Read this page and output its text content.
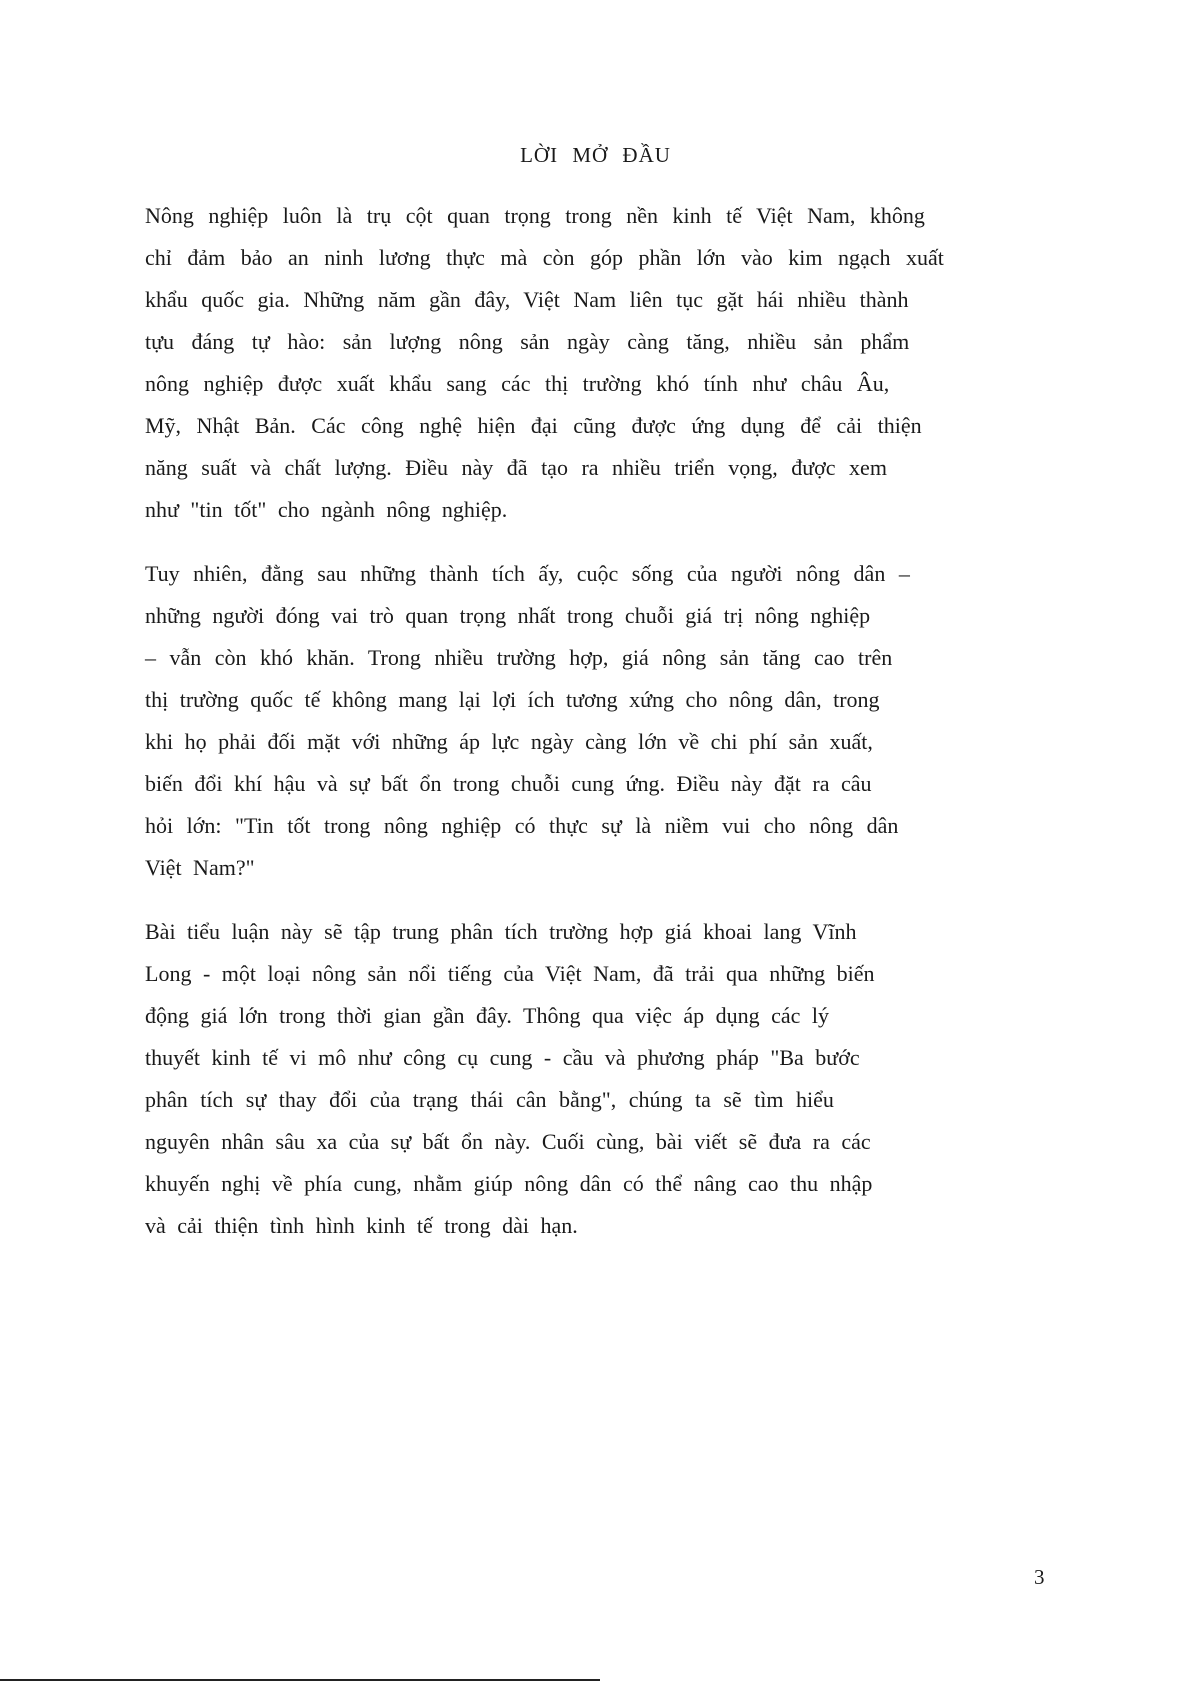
LỜI MỞ ĐẦU
Nông nghiệp luôn là trụ cột quan trọng trong nền kinh tế Việt Nam, không
chỉ đảm bảo an ninh lương thực mà còn góp phần lớn vào kim ngạch xuất
khẩu quốc gia. Những năm gần đây, Việt Nam liên tục gặt hái nhiều thành
tựu đáng tự hào: sản lượng nông sản ngày càng tăng, nhiều sản phẩm
nông nghiệp được xuất khẩu sang các thị trường khó tính như châu Âu,
Mỹ, Nhật Bản. Các công nghệ hiện đại cũng được ứng dụng để cải thiện
năng suất và chất lượng. Điều này đã tạo ra nhiều triển vọng, được xem
như "tin tốt" cho ngành nông nghiệp.
Tuy nhiên, đằng sau những thành tích ấy, cuộc sống của người nông dân –
những người đóng vai trò quan trọng nhất trong chuỗi giá trị nông nghiệp
– vẫn còn khó khăn. Trong nhiều trường hợp, giá nông sản tăng cao trên
thị trường quốc tế không mang lại lợi ích tương xứng cho nông dân, trong
khi họ phải đối mặt với những áp lực ngày càng lớn về chi phí sản xuất,
biến đổi khí hậu và sự bất ổn trong chuỗi cung ứng. Điều này đặt ra câu
hỏi lớn: "Tin tốt trong nông nghiệp có thực sự là niềm vui cho nông dân
Việt Nam?"
Bài tiểu luận này sẽ tập trung phân tích trường hợp giá khoai lang Vĩnh
Long - một loại nông sản nổi tiếng của Việt Nam, đã trải qua những biến
động giá lớn trong thời gian gần đây. Thông qua việc áp dụng các lý
thuyết kinh tế vi mô như công cụ cung - cầu và phương pháp "Ba bước
phân tích sự thay đổi của trạng thái cân bằng", chúng ta sẽ tìm hiểu
nguyên nhân sâu xa của sự bất ổn này. Cuối cùng, bài viết sẽ đưa ra các
khuyến nghị về phía cung, nhằm giúp nông dân có thể nâng cao thu nhập
và cải thiện tình hình kinh tế trong dài hạn.
3
